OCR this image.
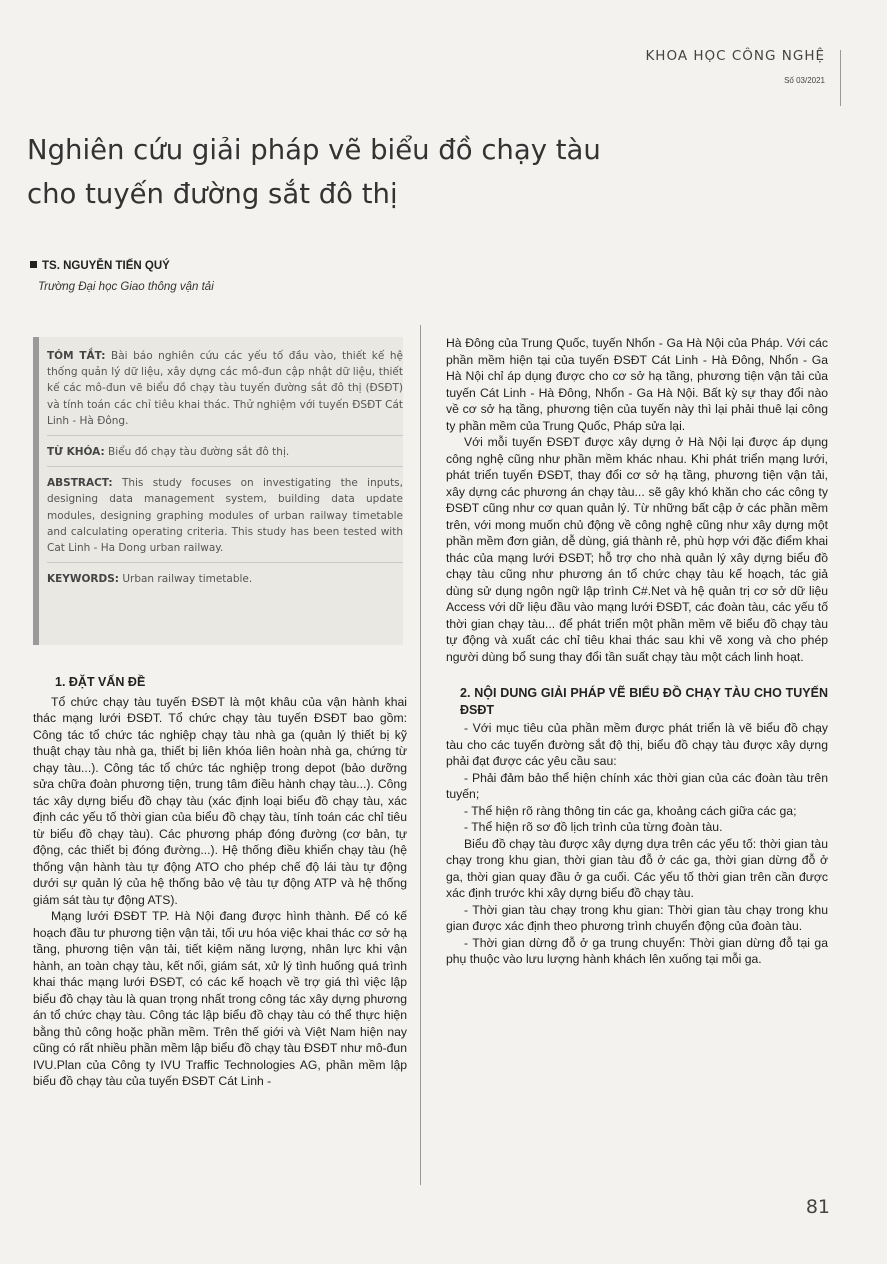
KHOA HỌC CÔNG NGHỆ
Số 03/2021
Nghiên cứu giải pháp vẽ biểu đồ chạy tàu
cho tuyến đường sắt đô thị
TS. NGUYỄN TIẾN QUÝ
Trường Đại học Giao thông vận tải
TÓM TẮT: Bài báo nghiên cứu các yếu tố đầu vào, thiết kế hệ thống quản lý dữ liệu, xây dựng các mô-đun cập nhật dữ liệu, thiết kế các mô-đun vẽ biểu đồ chạy tàu tuyến đường sắt đô thị (ĐSĐT) và tính toán các chỉ tiêu khai thác. Thử nghiệm với tuyến ĐSĐT Cát Linh - Hà Đông.
TỪ KHÓA: Biểu đồ chạy tàu đường sắt đô thị.
ABSTRACT: This study focuses on investigating the inputs, designing data management system, building data update modules, designing graphing modules of urban railway timetable and calculating operating criteria. This study has been tested with Cat Linh - Ha Dong urban railway.
KEYWORDS: Urban railway timetable.

1. ĐẶT VẤN ĐỀ

Tổ chức chạy tàu tuyến ĐSĐT là một khâu của vận hành khai thác mạng lưới ĐSĐT. Tổ chức chạy tàu tuyến ĐSĐT bao gồm: Công tác tổ chức tác nghiệp chạy tàu nhà ga (quản lý thiết bị kỹ thuật chạy tàu nhà ga, thiết bị liên khóa liên hoàn nhà ga, chứng từ chạy tàu...). Công tác tổ chức tác nghiệp trong depot (bảo dưỡng sửa chữa đoàn phương tiện, trung tâm điều hành chạy tàu...). Công tác xây dựng biểu đồ chạy tàu (xác định loại biểu đồ chạy tàu, xác định các yếu tố thời gian của biểu đồ chạy tàu, tính toán các chỉ tiêu từ biểu đồ chạy tàu). Các phương pháp đóng đường (cơ bản, tự động, các thiết bị đóng đường...). Hệ thống điều khiển chạy tàu (hệ thống vận hành tàu tự động ATO cho phép chế độ lái tàu tự động dưới sự quản lý của hệ thống bảo vệ tàu tự động ATP và hệ thống giám sát tàu tự động ATS).

Mạng lưới ĐSĐT TP. Hà Nội đang được hình thành. Để có kế hoạch đầu tư phương tiện vận tải, tối ưu hóa việc khai thác cơ sở hạ tầng, phương tiện vận tải, tiết kiệm năng lượng, nhân lực khi vận hành, an toàn chạy tàu, kết nối, giám sát, xử lý tình huống quá trình khai thác mạng lưới ĐSĐT, có các kế hoạch về trợ giá thì việc lập biểu đồ chạy tàu là quan trọng nhất trong công tác xây dựng phương án tổ chức chạy tàu. Công tác lập biểu đồ chạy tàu có thể thực hiện bằng thủ công hoặc phần mềm. Trên thế giới và Việt Nam hiện nay cũng có rất nhiều phần mềm lập biểu đồ chạy tàu ĐSĐT như mô-đun IVU.Plan của Công ty IVU Traffic Technologies AG, phần mềm lập biểu đồ chạy tàu của tuyến ĐSĐT Cát Linh -

Hà Đông của Trung Quốc, tuyến Nhổn - Ga Hà Nội của Pháp. Với các phần mềm hiện tại của tuyến ĐSĐT Cát Linh - Hà Đông, Nhổn - Ga Hà Nội chỉ áp dụng được cho cơ sở hạ tầng, phương tiện vận tải của tuyến Cát Linh - Hà Đông, Nhổn - Ga Hà Nội. Bất kỳ sự thay đổi nào về cơ sở hạ tầng, phương tiện của tuyến này thì lại phải thuê lại công ty phần mềm của Trung Quốc, Pháp sửa lại.

Với mỗi tuyến ĐSĐT được xây dựng ở Hà Nội lại được áp dụng công nghệ cũng như phần mềm khác nhau. Khi phát triển mạng lưới, phát triển tuyến ĐSĐT, thay đổi cơ sở hạ tầng, phương tiện vận tải, xây dựng các phương án chạy tàu... sẽ gây khó khăn cho các công ty ĐSĐT cũng như cơ quan quản lý. Từ những bất cập ở các phần mềm trên, với mong muốn chủ động về công nghệ cũng như xây dựng một phần mềm đơn giản, dễ dùng, giá thành rẻ, phù hợp với đặc điểm khai thác của mạng lưới ĐSĐT; hỗ trợ cho nhà quản lý xây dựng biểu đồ chạy tàu cũng như phương án tổ chức chạy tàu kế hoạch, tác giả dùng sử dụng ngôn ngữ lập trình C#.Net và hệ quản trị cơ sở dữ liệu Access với dữ liệu đầu vào mạng lưới ĐSĐT, các đoàn tàu, các yếu tố thời gian chạy tàu... để phát triển một phần mềm vẽ biểu đồ chạy tàu tự động và xuất các chỉ tiêu khai thác sau khi vẽ xong và cho phép người dùng bổ sung thay đổi tần suất chạy tàu một cách linh hoạt.

2. NỘI DUNG GIẢI PHÁP VẼ BIỂU ĐỒ CHẠY TÀU CHO TUYẾN ĐSĐT

- Với mục tiêu của phần mềm được phát triển là vẽ biểu đồ chạy tàu cho các tuyến đường sắt độ thị, biểu đồ chạy tàu được xây dựng phải đạt được các yêu cầu sau:

- Phải đảm bảo thể hiện chính xác thời gian của các đoàn tàu trên tuyến;

- Thể hiện rõ ràng thông tin các ga, khoảng cách giữa các ga;

- Thể hiện rõ sơ đồ lịch trình của từng đoàn tàu.

Biểu đồ chạy tàu được xây dựng dựa trên các yếu tố: thời gian tàu chạy trong khu gian, thời gian tàu đỗ ở các ga, thời gian dừng đỗ ở ga, thời gian quay đầu ở ga cuối. Các yếu tố thời gian trên cần được xác định trước khi xây dựng biểu đồ chạy tàu.

- Thời gian tàu chạy trong khu gian: Thời gian tàu chạy trong khu gian được xác định theo phương trình chuyển động của đoàn tàu.

- Thời gian dừng đỗ ở ga trung chuyển: Thời gian dừng đỗ tại ga phụ thuộc vào lưu lượng hành khách lên xuống tại mỗi ga.

81
